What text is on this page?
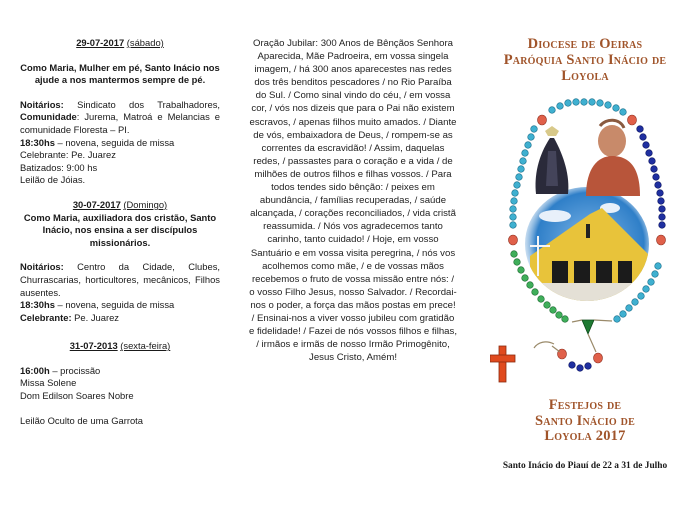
29-07-2017 (sábado)

Como Maria, Mulher em pé, Santo Inácio nos ajude a nos mantermos sempre de pé.

Noitários: Sindicato dos Trabalhadores, Comunidade: Jurema, Matroá e Melancias e comunidade Floresta – PI.

18:30hs – novena, seguida de missa

Celebrante: Pe. Juarez

Batizados: 9:00 hs

Leilão de Jóias.

30-07-2017 (Domingo)

Como Maria, auxiliadora dos cristão, Santo Inácio, nos ensina a ser discípulos missionários.

Noitários: Centro da Cidade, Clubes, Churrascarias, horticultores, mecânicos, Filhos ausentes.

18:30hs – novena, seguida de missa

Celebrante: Pe. Juarez

31-07-2013 (sexta-feira)

16:00h – procissão

Missa Solene

Dom Edilson Soares Nobre

Leilão Oculto de uma Garrota

Oração Jubilar: 300 Anos de Bênçãos Senhora Aparecida, Mãe Padroeira, em vossa singela imagem, / há 300 anos aparecestes nas redes dos três benditos pescadores / no Rio Paraíba do Sul. / Como sinal vindo do céu, / em vossa cor, / vós nos dizeis que para o Pai não existem escravos, / apenas filhos muito amados. / Diante de vós, embaixadora de Deus, / rompem-se as correntes da escravidão! / Assim, daquelas redes, / passastes para o coração e a vida / de milhões de outros filhos e filhas vossos. / Para todos tendes sido bênção: / peixes em abundância, / famílias recuperadas, / saúde alcançada, / corações reconciliados, / vida cristã reassumida. / Nós vos agradecemos tanto carinho, tanto cuidado! / Hoje, em vosso Santuário e em vossa visita peregrina, / nós vos acolhemos como mãe, / e de vossas mãos recebemos o fruto de vossa missão entre nós: / o vosso Filho Jesus, nosso Salvador. / Recordai-nos o poder, a força das mãos postas em prece! / Ensinai-nos a viver vosso jubileu com gratidão e fidelidade! / Fazei de nós vossos filhos e filhas, / irmãos e irmãs de nosso Irmão Primogênito, Jesus Cristo, Amém!

Diocese de Oeiras
Paróquia Santo Inácio de
Loyola
Festejos de
Santo Inácio de
Loyola 2017
Santo Inácio do Piauí de 22 a 31 de Julho
